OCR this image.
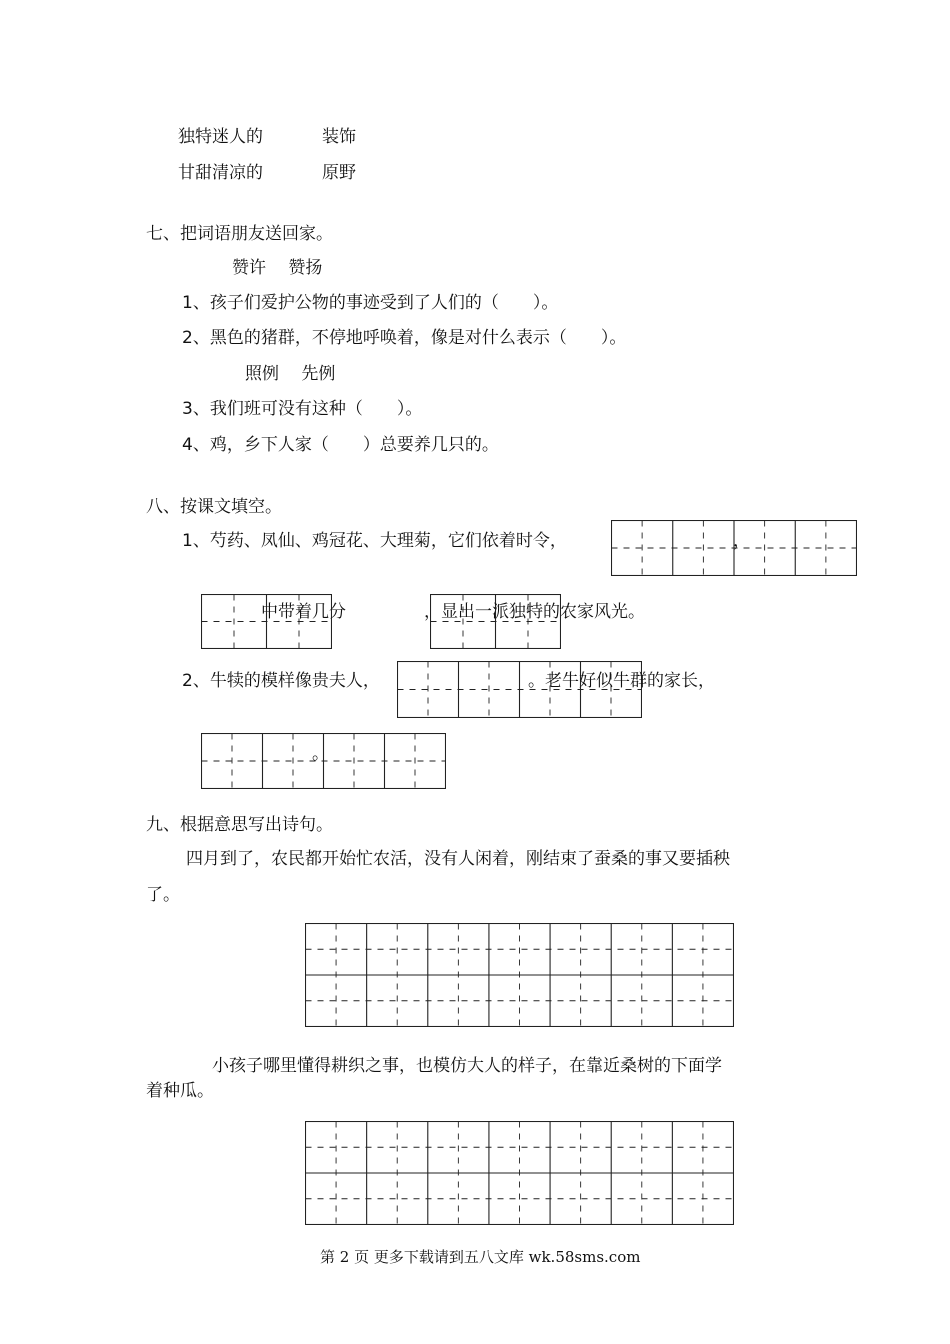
独特迷人的	装饰
甘甜清凉的	原野
七、把词语朋友送回家。
赞许　 赞扬
1、孩子们爱护公物的事迹受到了人们的（　　）。
2、黑色的猪群，不停地呼唤着，像是对什么表示（　　）。
照例　 先例
3、我们班可没有这种（　　）。
4、鸡，乡下人家（　　）总要养几只的。
八、按课文填空。
1、芍药、凤仙、鸡冠花、大理菊，它们依着时令，	，
中带着几分	， 显出一派独特的农家风光。
2、牛犊的模样像贵夫人，	。老牛好似牛群的家长，
。
九、根据意思写出诗句。
四月到了，农民都开始忙农活，没有人闲着，刚结束了蚕桑的事又要插秧
了。
小孩子哪里懂得耕织之事，也模仿大人的样子，在靠近桑树的下面学
着种瓜。
第 2 页 更多下载请到五八文库 wk.58sms.com
